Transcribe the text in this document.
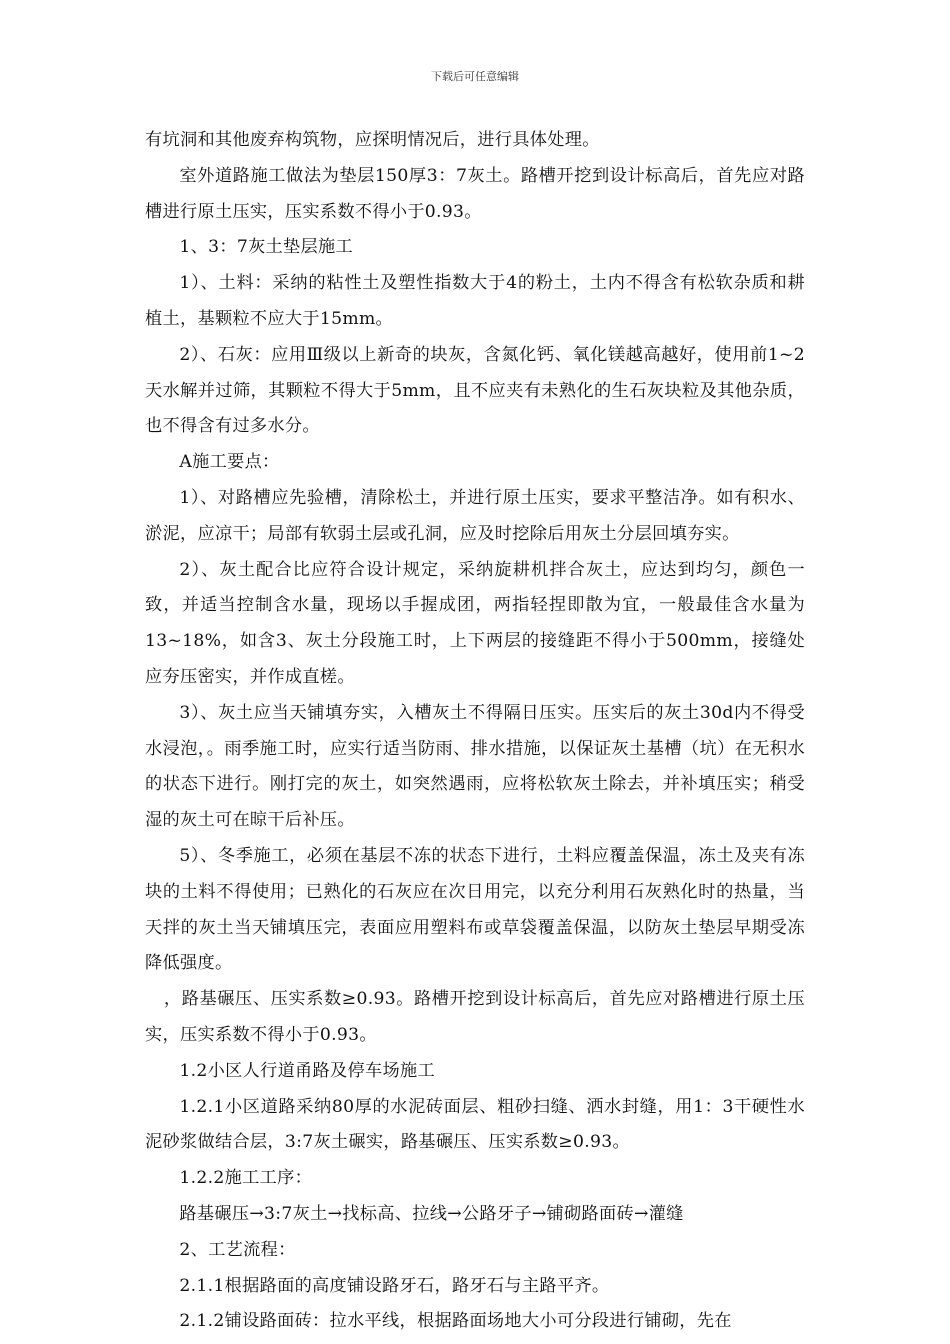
下载后可任意编辑

有坑洞和其他废弃构筑物，应探明情况后，进行具体处理。

室外道路施工做法为垫层150厚3：7灰土。路槽开挖到设计标高后，首先应对路槽进行原土压实，压实系数不得小于0.93。

1、3：7灰土垫层施工

1）、土料：采纳的粘性土及塑性指数大于4的粉土，土内不得含有松软杂质和耕植土，基颗粒不应大于15mm。

2）、石灰：应用Ⅲ级以上新奇的块灰，含氮化钙、氧化镁越高越好，使用前1~2天水解并过筛，其颗粒不得大于5mm，且不应夹有未熟化的生石灰块粒及其他杂质，也不得含有过多水分。

A施工要点：

1）、对路槽应先验槽，清除松土，并进行原土压实，要求平整洁净。如有积水、淤泥，应凉干；局部有软弱土层或孔洞，应及时挖除后用灰土分层回填夯实。

2）、灰土配合比应符合设计规定，采纳旋耕机拌合灰土，应达到均匀，颜色一致，并适当控制含水量，现场以手握成团，两指轻捏即散为宜，一般最佳含水量为13~18%，如含3、灰土分段施工时，上下两层的接缝距不得小于500mm，接缝处应夯压密实，并作成直槎。

3）、灰土应当天铺填夯实，入槽灰土不得隔日压实。压实后的灰土30d内不得受水浸泡，。雨季施工时，应实行适当防雨、排水措施，以保证灰土基槽（坑）在无积水的状态下进行。刚打完的灰土，如突然遇雨，应将松软灰土除去，并补填压实；稍受湿的灰土可在晾干后补压。

5）、冬季施工，必须在基层不冻的状态下进行，土料应覆盖保温，冻土及夹有冻块的土料不得使用；已熟化的石灰应在次日用完，以充分利用石灰熟化时的热量，当天拌的灰土当天铺填压完，表面应用塑料布或草袋覆盖保温，以防灰土垫层早期受冻降低强度。

，路基碾压、压实系数≥0.93。路槽开挖到设计标高后，首先应对路槽进行原土压实，压实系数不得小于0.93。

1.2小区人行道甬路及停车场施工

1.2.1小区道路采纳80厚的水泥砖面层、粗砂扫缝、洒水封缝，用1：3干硬性水泥砂浆做结合层，3:7灰土碾实，路基碾压、压实系数≥0.93。

1.2.2施工工序：

路基碾压→3:7灰土→找标高、拉线→公路牙子→铺砌路面砖→灌缝

2、工艺流程：

2.1.1根据路面的高度铺设路牙石，路牙石与主路平齐。

2.1.2铺设路面砖：拉水平线，根据路面场地大小可分段进行铺砌，先在
